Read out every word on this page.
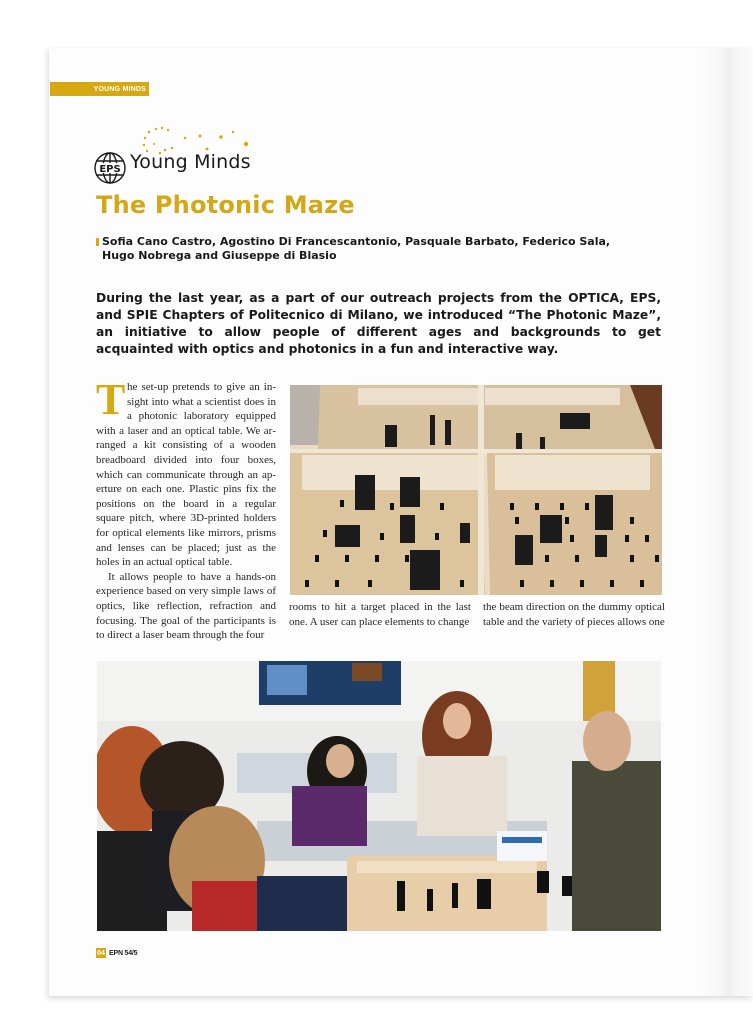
YOUNG MINDS
EPS Young Minds
The Photonic Maze
Sofia Cano Castro, Agostino Di Francescantonio, Pasquale Barbato, Federico Sala,
Hugo Nobrega and Giuseppe di Blasio
During the last year, as a part of our outreach projects from the OPTICA, EPS, and SPIE Chapters of Politecnico di Milano, we introduced “The Photonic Maze”, an initiative to allow people of different ages and backgrounds to get acquainted with optics and photonics in a fun and interactive way.

The set-up pretends to give an insight into what a scientist does in a photonic laboratory equipped with a laser and an optical table. We arranged a kit consisting of a wooden breadboard divided into four boxes, which can communicate through an aperture on each one. Plastic pins fix the positions on the board in a regular square pitch, where 3D-printed holders for optical elements like mirrors, prisms and lenses can be placed; just as the holes in an actual optical table.

It allows people to have a hands-on experience based on very simple laws of optics, like reflection, refraction and focusing. The goal of the participants is to direct a laser beam through the four

rooms to hit a target placed in the last one. A user can place elements to change
the beam direction on the dummy optical table and the variety of pieces allows one
04 EPN 54/5
